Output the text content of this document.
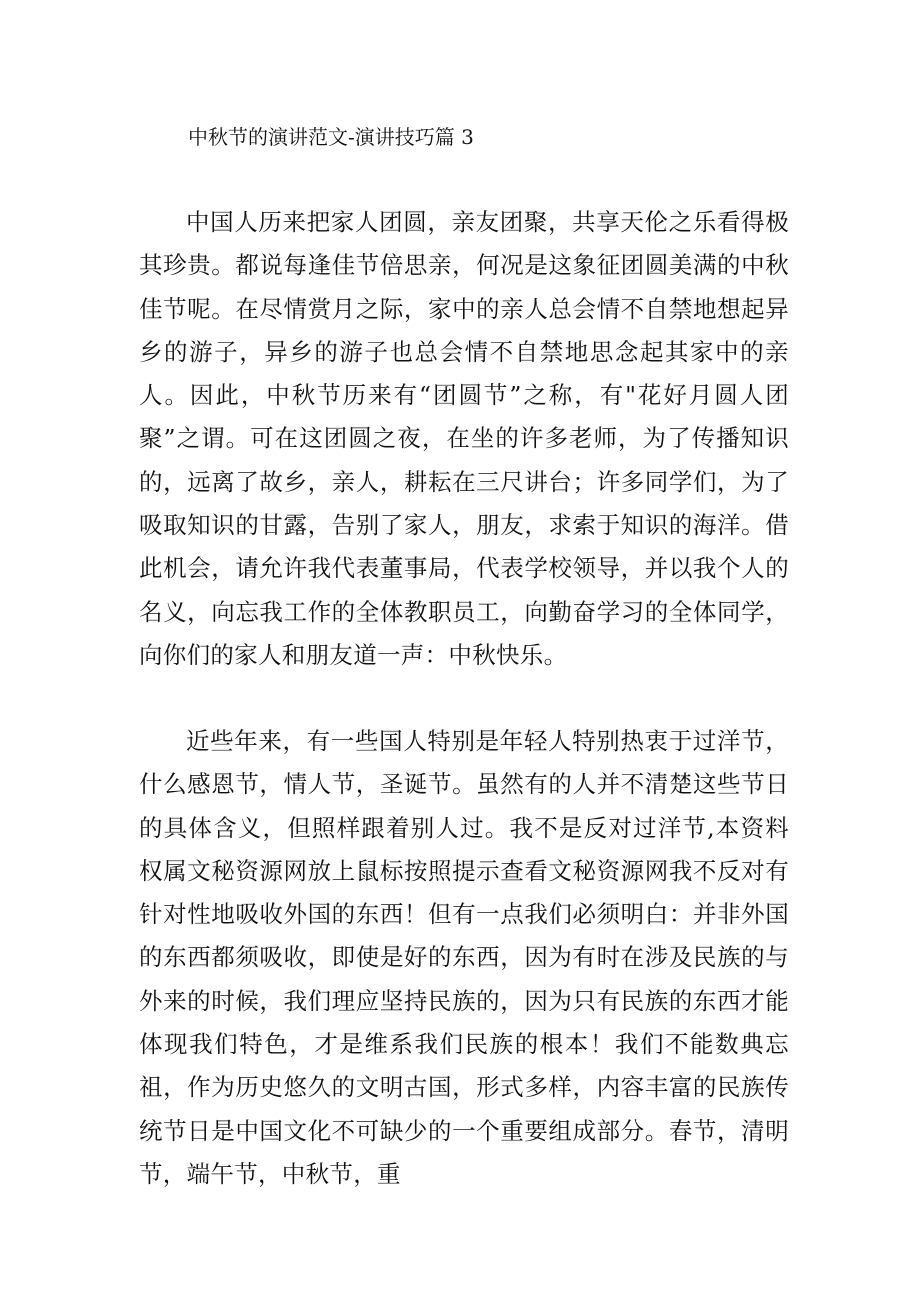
中秋节的演讲范文-演讲技巧篇 3

中国人历来把家人团圆，亲友团聚，共享天伦之乐看得极其珍贵。都说每逢佳节倍思亲，何况是这象征团圆美满的中秋佳节呢。在尽情赏月之际，家中的亲人总会情不自禁地想起异乡的游子，异乡的游子也总会情不自禁地思念起其家中的亲人。因此，中秋节历来有“团圆节”之称，有"花好月圆人团聚”之谓。可在这团圆之夜，在坐的许多老师，为了传播知识的，远离了故乡，亲人，耕耘在三尺讲台；许多同学们，为了吸取知识的甘露，告别了家人，朋友，求索于知识的海洋。借此机会，请允许我代表董事局，代表学校领导，并以我个人的名义，向忘我工作的全体教职员工，向勤奋学习的全体同学，向你们的家人和朋友道一声：中秋快乐。

近些年来，有一些国人特别是年轻人特别热衷于过洋节，什么感恩节，情人节，圣诞节。虽然有的人并不清楚这些节日的具体含义，但照样跟着别人过。我不是反对过洋节,本资料权属文秘资源网放上鼠标按照提示查看文秘资源网我不反对有针对性地吸收外国的东西！但有一点我们必须明白：并非外国的东西都须吸收，即使是好的东西，因为有时在涉及民族的与外来的时候，我们理应坚持民族的，因为只有民族的东西才能体现我们特色，才是维系我们民族的根本！我们不能数典忘祖，作为历史悠久的文明古国，形式多样，内容丰富的民族传统节日是中国文化不可缺少的一个重要组成部分。春节，清明节，端午节，中秋节，重
